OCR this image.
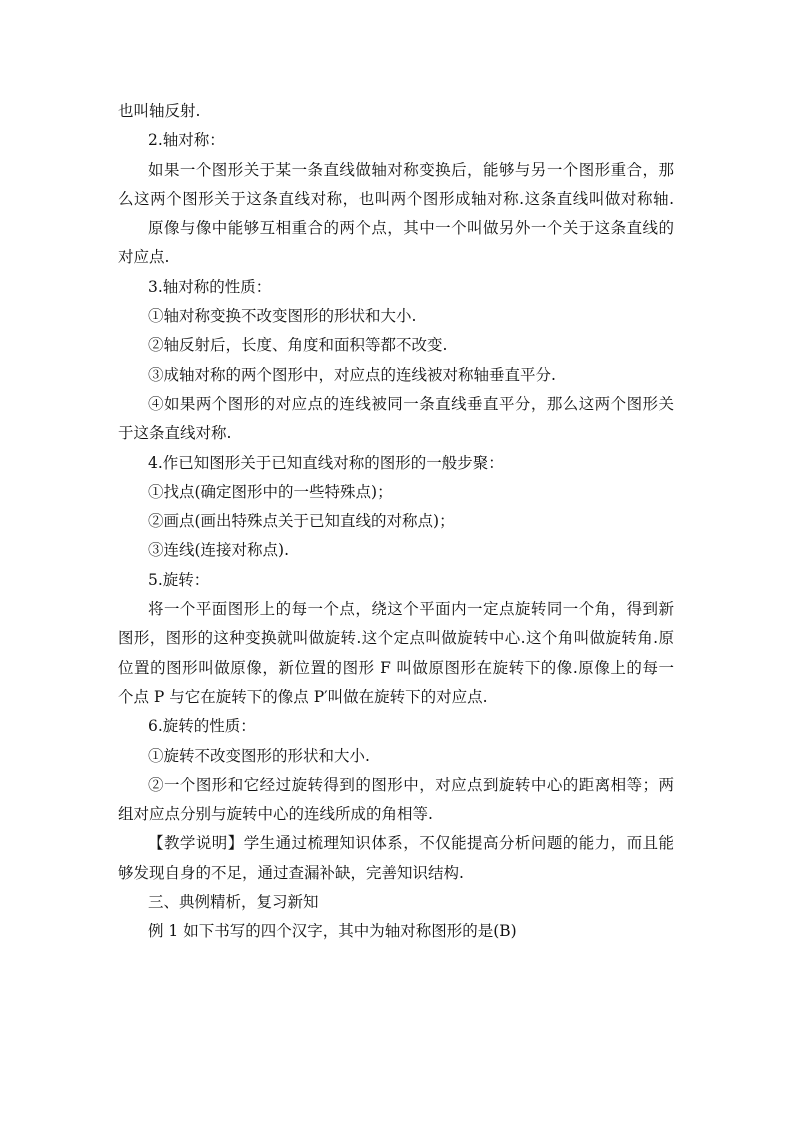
也叫轴反射.
2.轴对称：
如果一个图形关于某一条直线做轴对称变换后，能够与另一个图形重合，那
么这两个图形关于这条直线对称，也叫两个图形成轴对称.这条直线叫做对称轴.
原像与像中能够互相重合的两个点，其中一个叫做另外一个关于这条直线的
对应点.
3.轴对称的性质：
①轴对称变换不改变图形的形状和大小.
②轴反射后，长度、角度和面积等都不改变.
③成轴对称的两个图形中，对应点的连线被对称轴垂直平分.
④如果两个图形的对应点的连线被同一条直线垂直平分，那么这两个图形关
于这条直线对称.
4.作已知图形关于已知直线对称的图形的一般步聚：
①找点(确定图形中的一些特殊点)；
②画点(画出特殊点关于已知直线的对称点)；
③连线(连接对称点).
5.旋转：
将一个平面图形上的每一个点，绕这个平面内一定点旋转同一个角，得到新
图形，图形的这种变换就叫做旋转.这个定点叫做旋转中心.这个角叫做旋转角.原
位置的图形叫做原像，新位置的图形 F 叫做原图形在旋转下的像.原像上的每一
个点 P 与它在旋转下的像点 P′叫做在旋转下的对应点.
6.旋转的性质：
①旋转不改变图形的形状和大小.
②一个图形和它经过旋转得到的图形中，对应点到旋转中心的距离相等；两
组对应点分别与旋转中心的连线所成的角相等.
【教学说明】学生通过梳理知识体系，不仅能提高分析问题的能力，而且能
够发现自身的不足，通过查漏补缺，完善知识结构.
三、典例精析，复习新知
例 1 如下书写的四个汉字，其中为轴对称图形的是(B)
